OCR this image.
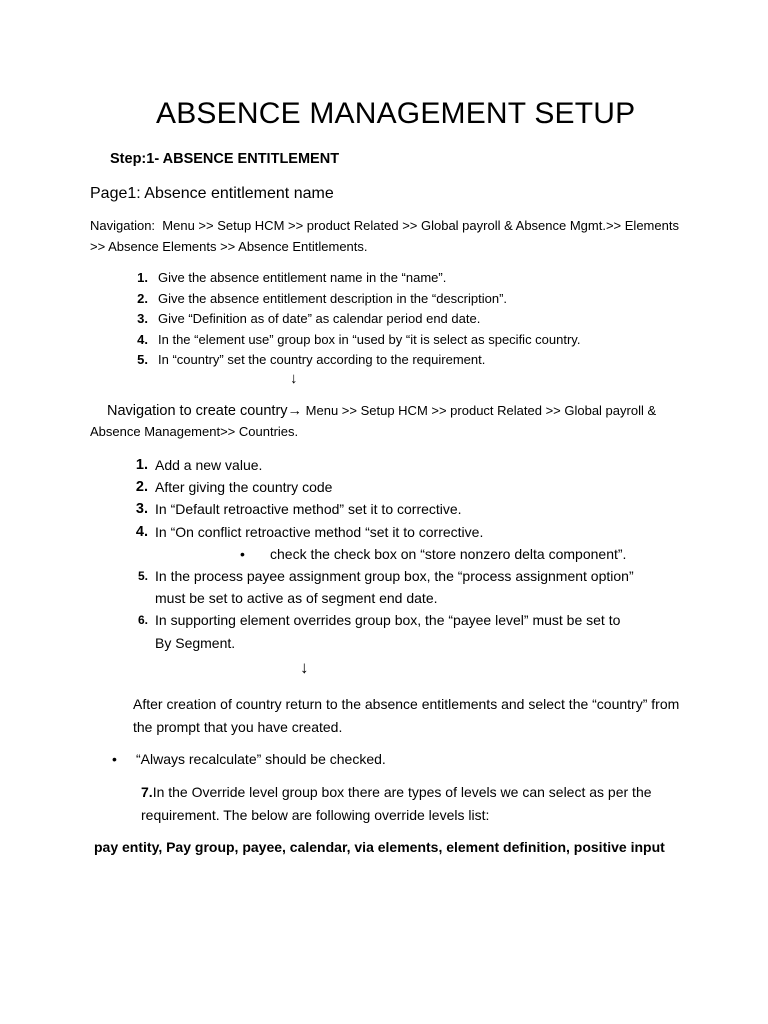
ABSENCE MANAGEMENT SETUP
Step:1- ABSENCE ENTITLEMENT
Page1: Absence entitlement name
Navigation: Menu >> Setup HCM >> product Related >> Global payroll & Absence Mgmt.>> Elements >> Absence Elements >> Absence Entitlements.
1. Give the absence entitlement name in the “name”.
2. Give the absence entitlement description in the “description”.
3. Give “Definition as of date” as calendar period end date.
4. In the “element use” group box in “used by “it is select as specific country.
5. In “country” set the country according to the requirement.
↓
Navigation to create country→ Menu >> Setup HCM >> product Related >> Global payroll & Absence Management>> Countries.
1. Add a new value.
2. After giving the country code
3. In “Default retroactive method” set it to corrective.
4. In “On conflict retroactive method “set it to corrective.
• check the check box on “store nonzero delta component”.
5. In the process payee assignment group box, the “process assignment option”
must be set to active as of segment end date.
6. In supporting element overrides group box, the “payee level” must be set to
By Segment.
↓
After creation of country return to the absence entitlements and select the “country” from the prompt that you have created.
• “Always recalculate” should be checked.
7.In the Override level group box there are types of levels we can select as per the requirement. The below are following override levels list:
pay entity, Pay group, payee, calendar, via elements, element definition, positive input
